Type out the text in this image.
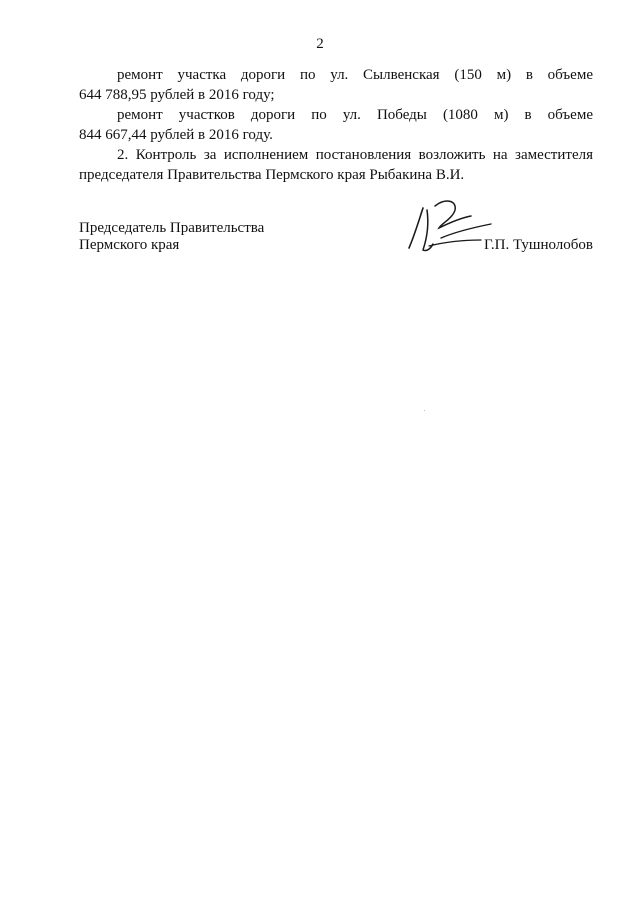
2

ремонт участка дороги по ул. Сылвенская (150 м) в объеме
644 788,95 рублей в 2016 году;

ремонт участков дороги по ул. Победы (1080 м) в объеме
844 667,44 рублей в 2016 году.

2. Контроль за исполнением постановления возложить на заместителя
председателя Правительства Пермского края Рыбакина В.И.

Председатель Правительства
Пермского края	Г.П. Тушнолобов
